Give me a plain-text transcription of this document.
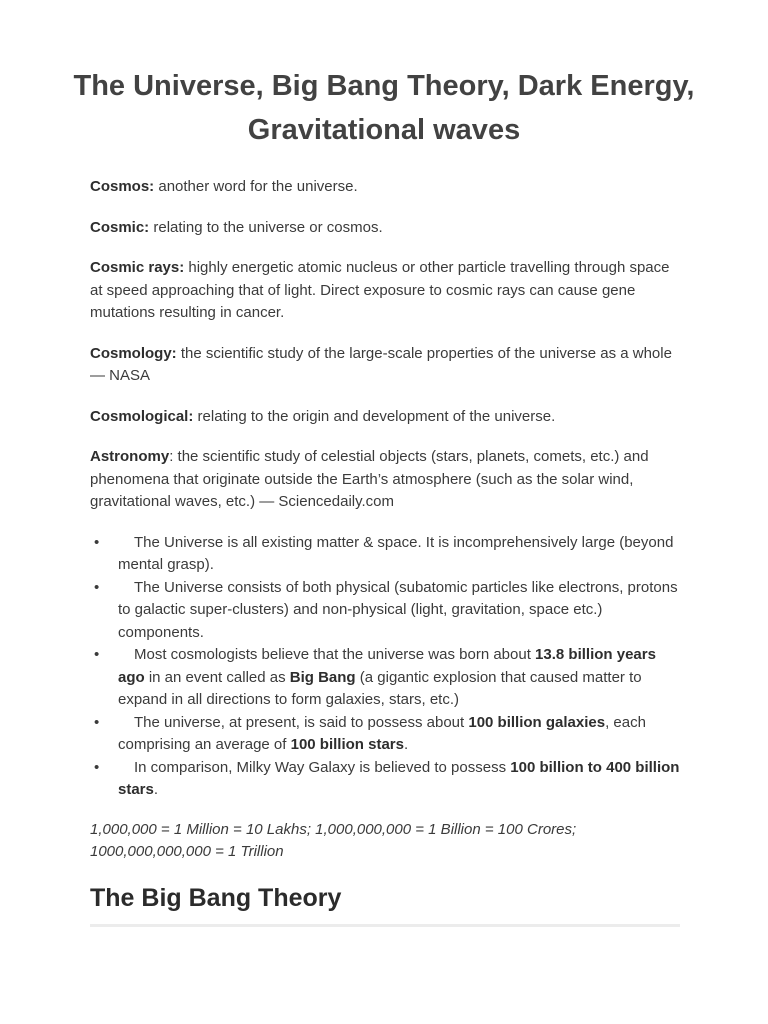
The Universe, Big Bang Theory, Dark Energy, Gravitational waves

Cosmos: another word for the universe.

Cosmic: relating to the universe or cosmos.

Cosmic rays: highly energetic atomic nucleus or other particle travelling through space at speed approaching that of light. Direct exposure to cosmic rays can cause gene mutations resulting in cancer.

Cosmology: the scientific study of the large-scale properties of the universe as a whole — NASA

Cosmological: relating to the origin and development of the universe.

Astronomy: the scientific study of celestial objects (stars, planets, comets, etc.) and phenomena that originate outside the Earth’s atmosphere (such as the solar wind, gravitational waves, etc.) — Sciencedaily.com

• The Universe is all existing matter & space. It is incomprehensively large (beyond mental grasp).
• The Universe consists of both physical (subatomic particles like electrons, protons to galactic super-clusters) and non-physical (light, gravitation, space etc.) components.
• Most cosmologists believe that the universe was born about 13.8 billion years ago in an event called as Big Bang (a gigantic explosion that caused matter to expand in all directions to form galaxies, stars, etc.)
• The universe, at present, is said to possess about 100 billion galaxies, each comprising an average of 100 billion stars.
• In comparison, Milky Way Galaxy is believed to possess 100 billion to 400 billion stars.

1,000,000 = 1 Million = 10 Lakhs; 1,000,000,000 = 1 Billion = 100 Crores; 1000,000,000,000 = 1 Trillion

The Big Bang Theory
